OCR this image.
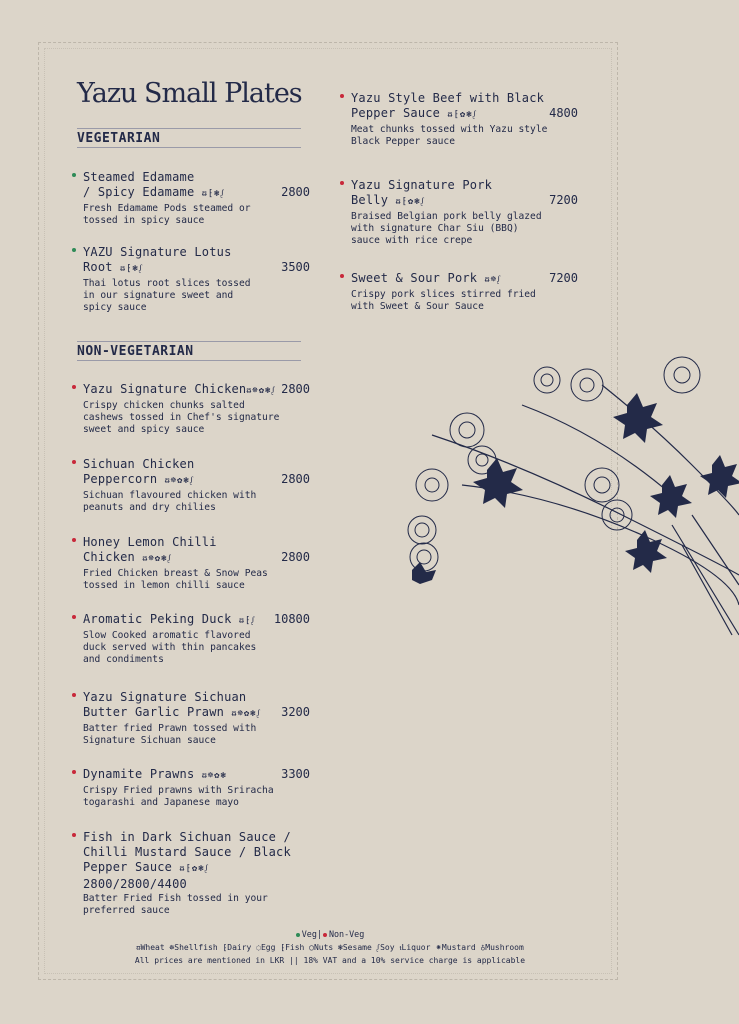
Yazu Small Plates
VEGETARIAN
NON-VEGETARIAN
Steamed Edamame
/ Spicy Edamame ᵿ⁅❃ᶘ	2800
Fresh Edamame Pods steamed or
tossed in spicy sauce
YAZU Signature Lotus
Root ᵿ⁅❃ᶘ	3500
Thai lotus root slices tossed
in our signature sweet and
spicy sauce
Yazu Signature Chickenᵿ☸✿❃ᶘ 2800
Crispy chicken chunks salted
cashews tossed in Chef's signature
sweet and spicy sauce
Sichuan Chicken
Peppercorn ᵿ☸✿❃ᶘ	2800
Sichuan flavoured chicken with
peanuts and dry chilies
Honey Lemon Chilli
Chicken ᵿ☸✿❃ᶘ	2800
Fried Chicken breast & Snow Peas
tossed in lemon chilli sauce
Aromatic Peking Duck ᵿ⁅ᶘ	10800
Slow Cooked aromatic flavored
duck served with thin pancakes
and condiments
Yazu Signature Sichuan
Butter Garlic Prawn ᵿ☸✿❃ᶘ	3200
Batter fried Prawn tossed with
Signature Sichuan sauce
Dynamite Prawns ᵿ☸✿❃	3300
Crispy Fried prawns with Sriracha
togarashi and Japanese mayo
Fish in Dark Sichuan Sauce /
Chilli Mustard Sauce / Black
Pepper Sauce ᵿ⁅✿❃ᶘ
2800/2800/4400
Batter Fried Fish tossed in your
preferred sauce
Yazu Style Beef with Black
Pepper Sauce ᵿ⁅✿❃ᶘ	4800
Meat chunks tossed with Yazu style
Black Pepper sauce
Yazu Signature Pork
Belly ᵿ⁅✿❃ᶘ	7200
Braised Belgian pork belly glazed
with signature Char Siu (BBQ)
sauce with rice crepe
Sweet & Sour Pork ᵿ☸ᶘ	7200
Crispy pork slices stirred fried
with Sweet & Sour Sauce
Veg| Non-Veg
ᵿWheat ☸Shellfish ⁅Dairy ◌Egg ⁅Fish ◯Nuts ❃Sesame ᶘSoy ᵼLiquor ⁕Mustard ♁Mushroom
All prices are mentioned in LKR || 18% VAT and a 10% service charge is applicable
